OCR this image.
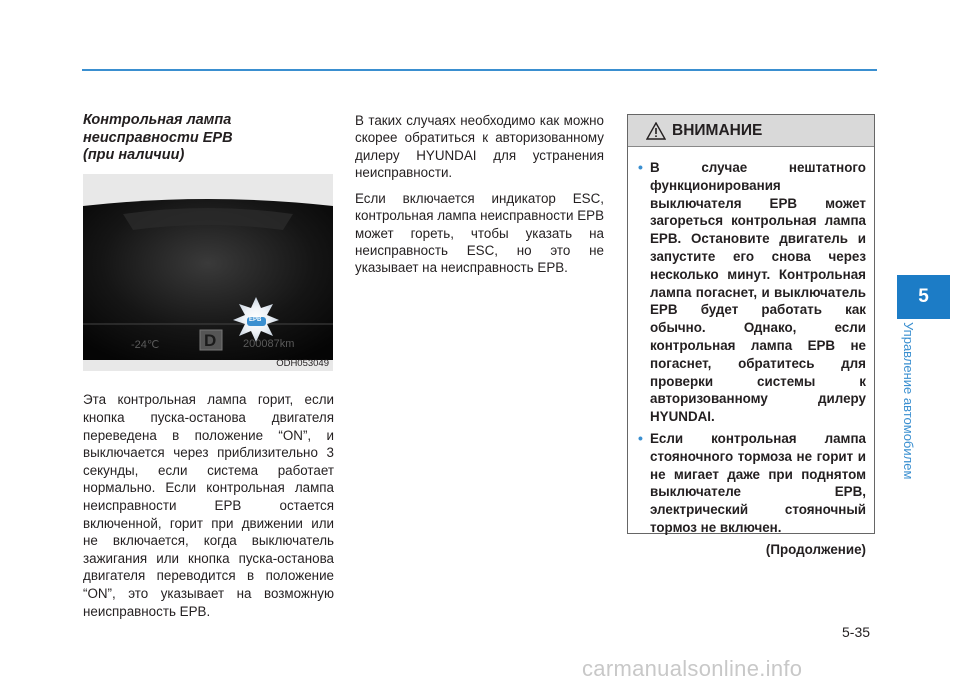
Контрольная лампа
неисправности EPB
(при наличии)
D
-24℃	200087km
EPB
ODH053049

Эта контрольная лампа горит, если кнопка пуска-останова двигателя переведена в положение “ON”, и выключается через приблизительно 3 секунды, если система работает нормально. Если контрольная лампа неисправности EPB остается включенной, горит при движении или не включается, когда выключатель зажигания или кнопка пуска-останова двигателя переводится в положение “ON”, это указывает на возможную неисправность EPB.

В таких случаях необходимо как можно скорее обратиться к авторизованному дилеру HYUNDAI для устранения неисправности.

Если включается индикатор ESC, контрольная лампа неисправности EPB может гореть, чтобы указать на неисправность ESC, но это не указывает на неисправность EPB.

ВНИМАНИЕ
• В случае нештатного функционирования выключателя EPB может загореться контрольная лампа EPB. Остановите двигатель и запустите его снова через несколько минут. Контрольная лампа погаснет, и выключатель EPB будет работать как обычно. Однако, если контрольная лампа EPB не погаснет, обратитесь для проверки системы к авторизованному дилеру HYUNDAI.
• Если контрольная лампа стояночного тормоза не горит и не мигает даже при поднятом выключателе EPB, электрический стояночный тормоз не включен.
(Продолжение)
5
Управление автомобилем
5-35
carmanualsonline.info
